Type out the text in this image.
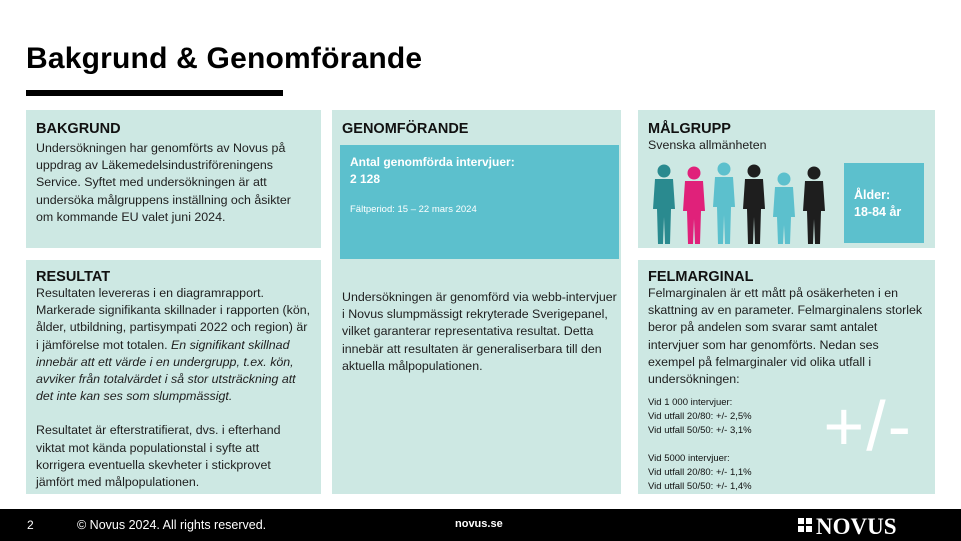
Bakgrund & Genomförande
BAKGRUND
Undersökningen har genomförts av Novus på uppdrag av Läkemedelsindustriföreningens Service. Syftet med undersökningen är att undersöka målgruppens inställning och åsikter om kommande EU valet juni 2024.
GENOMFÖRANDE
Antal genomförda intervjuer:
2 128
Fältperiod: 15 – 22 mars 2024
Undersökningen är genomförd via webb-intervjuer i Novus slumpmässigt rekryterade Sverigepanel, vilket garanterar representativa resultat. Detta innebär att resultaten är generaliserbara till den aktuella målpopulationen.
MÅLGRUPP
Svenska allmänheten
Ålder:
18-84 år
RESULTAT
Resultaten levereras i en diagramrapport. Markerade signifikanta skillnader i rapporten (kön, ålder, utbildning, partisympati 2022 och region) är i jämförelse mot totalen. En signifikant skillnad innebär att ett värde i en undergrupp, t.ex. kön, avviker från totalvärdet i så stor utsträckning att det inte kan ses som slumpmässigt.
Resultatet är efterstratifierat, dvs. i efterhand viktat mot kända populationstal i syfte att korrigera eventuella skevheter i stickprovet jämfört med målpopulationen.
FELMARGINAL
Felmarginalen är ett mått på osäkerheten i en skattning av en parameter. Felmarginalens storlek beror på andelen som svarar samt antalet intervjuer som har genomförts. Nedan ses exempel på felmarginaler vid olika utfall i undersökningen:
Vid 1 000 intervjuer:
Vid utfall 20/80: +/- 2,5%
Vid utfall 50/50: +/- 3,1%
Vid 5000 intervjuer:
Vid utfall 20/80: +/- 1,1%
Vid utfall 50/50: +/- 1,4%
+/-
2	© Novus 2024. All rights reserved.	novus.se	NOVUS
